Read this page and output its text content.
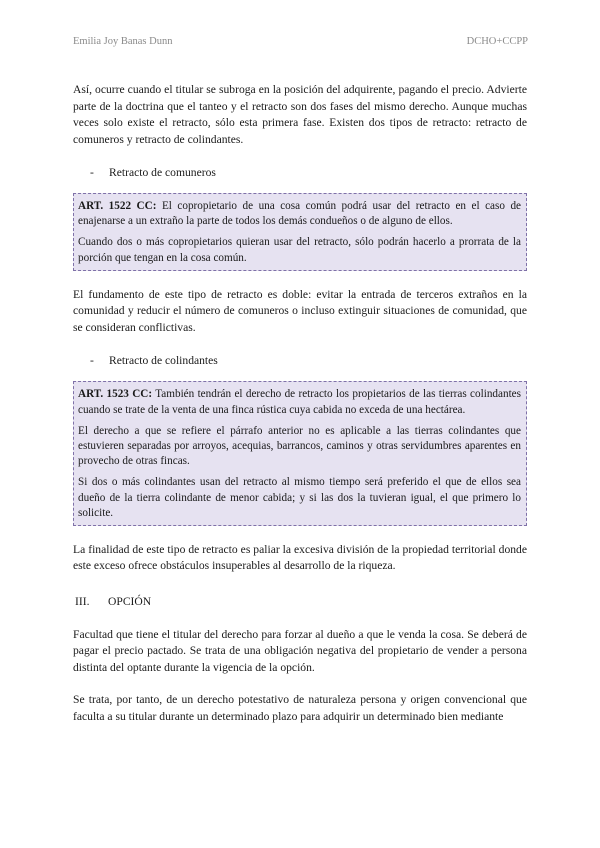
Emilia Joy Banas Dunn	DCHO+CCPP

Así, ocurre cuando el titular se subroga en la posición del adquirente, pagando el precio. Advierte parte de la doctrina que el tanteo y el retracto son dos fases del mismo derecho. Aunque muchas veces solo existe el retracto, sólo esta primera fase. Existen dos tipos de retracto: retracto de comuneros y retracto de colindantes.

- Retracto de comuneros

ART. 1522 CC: El copropietario de una cosa común podrá usar del retracto en el caso de enajenarse a un extraño la parte de todos los demás condueños o de alguno de ellos.

Cuando dos o más copropietarios quieran usar del retracto, sólo podrán hacerlo a prorrata de la porción que tengan en la cosa común.

El fundamento de este tipo de retracto es doble: evitar la entrada de terceros extraños en la comunidad y reducir el número de comuneros o incluso extinguir situaciones de comunidad, que se consideran conflictivas.

- Retracto de colindantes

ART. 1523 CC: También tendrán el derecho de retracto los propietarios de las tierras colindantes cuando se trate de la venta de una finca rústica cuya cabida no exceda de una hectárea.

El derecho a que se refiere el párrafo anterior no es aplicable a las tierras colindantes que estuvieren separadas por arroyos, acequias, barrancos, caminos y otras servidumbres aparentes en provecho de otras fincas.

Si dos o más colindantes usan del retracto al mismo tiempo será preferido el que de ellos sea dueño de la tierra colindante de menor cabida; y si las dos la tuvieran igual, el que primero lo solicite.

La finalidad de este tipo de retracto es paliar la excesiva división de la propiedad territorial donde este exceso ofrece obstáculos insuperables al desarrollo de la riqueza.

III. OPCIÓN

Facultad que tiene el titular del derecho para forzar al dueño a que le venda la cosa. Se deberá de pagar el precio pactado. Se trata de una obligación negativa del propietario de vender a persona distinta del optante durante la vigencia de la opción.

Se trata, por tanto, de un derecho potestativo de naturaleza persona y origen convencional que faculta a su titular durante un determinado plazo para adquirir un determinado bien mediante
